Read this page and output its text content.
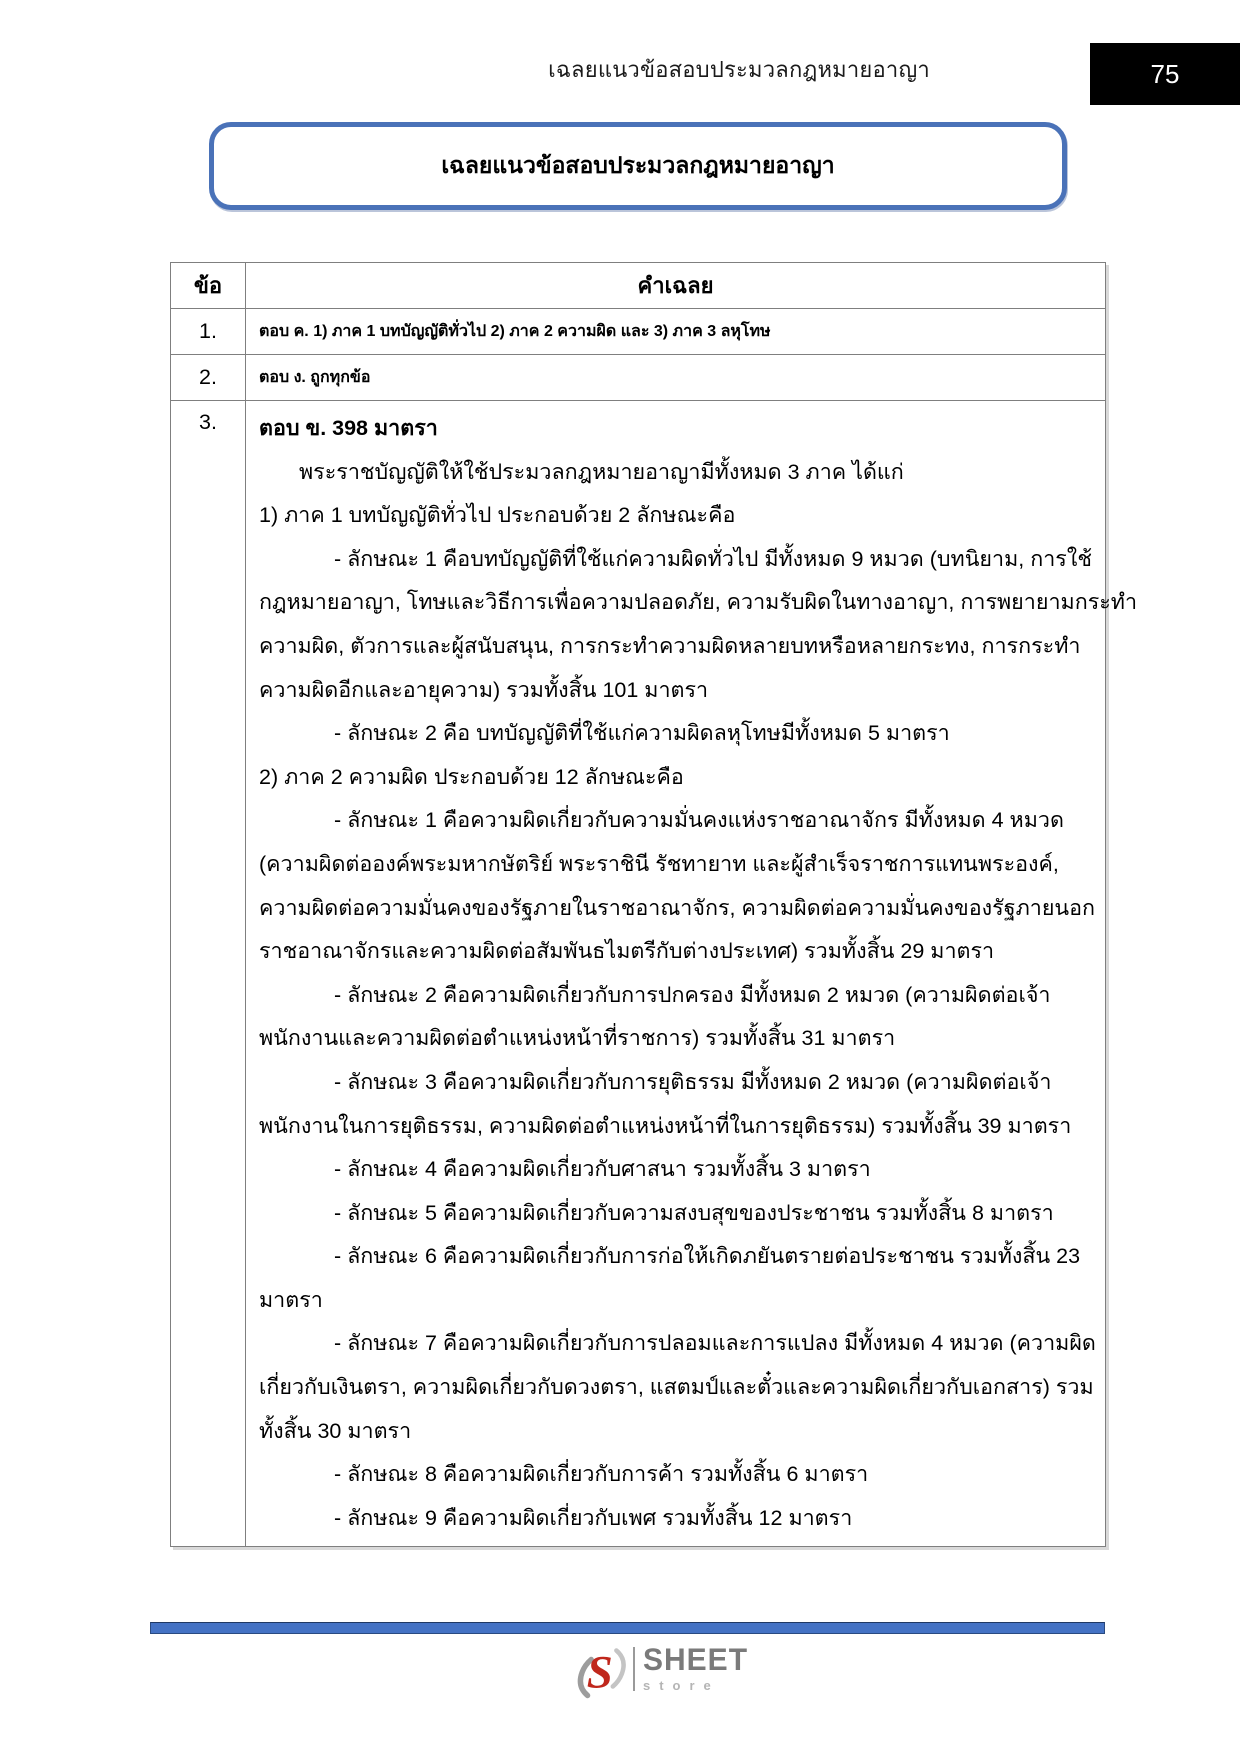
เฉลยแนวข้อสอบประมวลกฎหมายอาญา	75
เฉลยแนวข้อสอบประมวลกฎหมายอาญา
ข้อ	คำเฉลย
1.	ตอบ ค. 1) ภาค 1 บทบัญญัติทั่วไป 2) ภาค 2 ความผิด และ 3) ภาค 3 ลหุโทษ
2.	ตอบ ง. ถูกทุกข้อ
3.	ตอบ ข. 398 มาตรา
พระราชบัญญัติให้ใช้ประมวลกฎหมายอาญามีทั้งหมด 3 ภาค ได้แก่
1) ภาค 1 บทบัญญัติทั่วไป ประกอบด้วย 2 ลักษณะคือ
- ลักษณะ 1 คือบทบัญญัติที่ใช้แก่ความผิดทั่วไป มีทั้งหมด 9 หมวด (บทนิยาม, การใช้
กฎหมายอาญา, โทษและวิธีการเพื่อความปลอดภัย, ความรับผิดในทางอาญา, การพยายามกระทำ
ความผิด, ตัวการและผู้สนับสนุน, การกระทำความผิดหลายบทหรือหลายกระทง, การกระทำ
ความผิดอีกและอายุความ) รวมทั้งสิ้น 101 มาตรา
- ลักษณะ 2 คือ บทบัญญัติที่ใช้แก่ความผิดลหุโทษมีทั้งหมด 5 มาตรา
2) ภาค 2 ความผิด ประกอบด้วย 12 ลักษณะคือ
- ลักษณะ 1 คือความผิดเกี่ยวกับความมั่นคงแห่งราชอาณาจักร มีทั้งหมด 4 หมวด
(ความผิดต่อองค์พระมหากษัตริย์ พระราชินี รัชทายาท และผู้สำเร็จราชการแทนพระองค์,
ความผิดต่อความมั่นคงของรัฐภายในราชอาณาจักร, ความผิดต่อความมั่นคงของรัฐภายนอก
ราชอาณาจักรและความผิดต่อสัมพันธไมตรีกับต่างประเทศ) รวมทั้งสิ้น 29 มาตรา
- ลักษณะ 2 คือความผิดเกี่ยวกับการปกครอง มีทั้งหมด 2 หมวด (ความผิดต่อเจ้า
พนักงานและความผิดต่อตำแหน่งหน้าที่ราชการ) รวมทั้งสิ้น 31 มาตรา
- ลักษณะ 3 คือความผิดเกี่ยวกับการยุติธรรม มีทั้งหมด 2 หมวด (ความผิดต่อเจ้า
พนักงานในการยุติธรรม, ความผิดต่อตำแหน่งหน้าที่ในการยุติธรรม) รวมทั้งสิ้น 39 มาตรา
- ลักษณะ 4 คือความผิดเกี่ยวกับศาสนา รวมทั้งสิ้น 3 มาตรา
- ลักษณะ 5 คือความผิดเกี่ยวกับความสงบสุขของประชาชน รวมทั้งสิ้น 8 มาตรา
- ลักษณะ 6 คือความผิดเกี่ยวกับการก่อให้เกิดภยันตรายต่อประชาชน รวมทั้งสิ้น 23
มาตรา
- ลักษณะ 7 คือความผิดเกี่ยวกับการปลอมและการแปลง มีทั้งหมด 4 หมวด (ความผิด
เกี่ยวกับเงินตรา, ความผิดเกี่ยวกับดวงตรา, แสตมป์และตั๋วและความผิดเกี่ยวกับเอกสาร) รวม
ทั้งสิ้น 30 มาตรา
- ลักษณะ 8 คือความผิดเกี่ยวกับการค้า รวมทั้งสิ้น 6 มาตรา
- ลักษณะ 9 คือความผิดเกี่ยวกับเพศ รวมทั้งสิ้น 12 มาตรา
S SHEET
store
